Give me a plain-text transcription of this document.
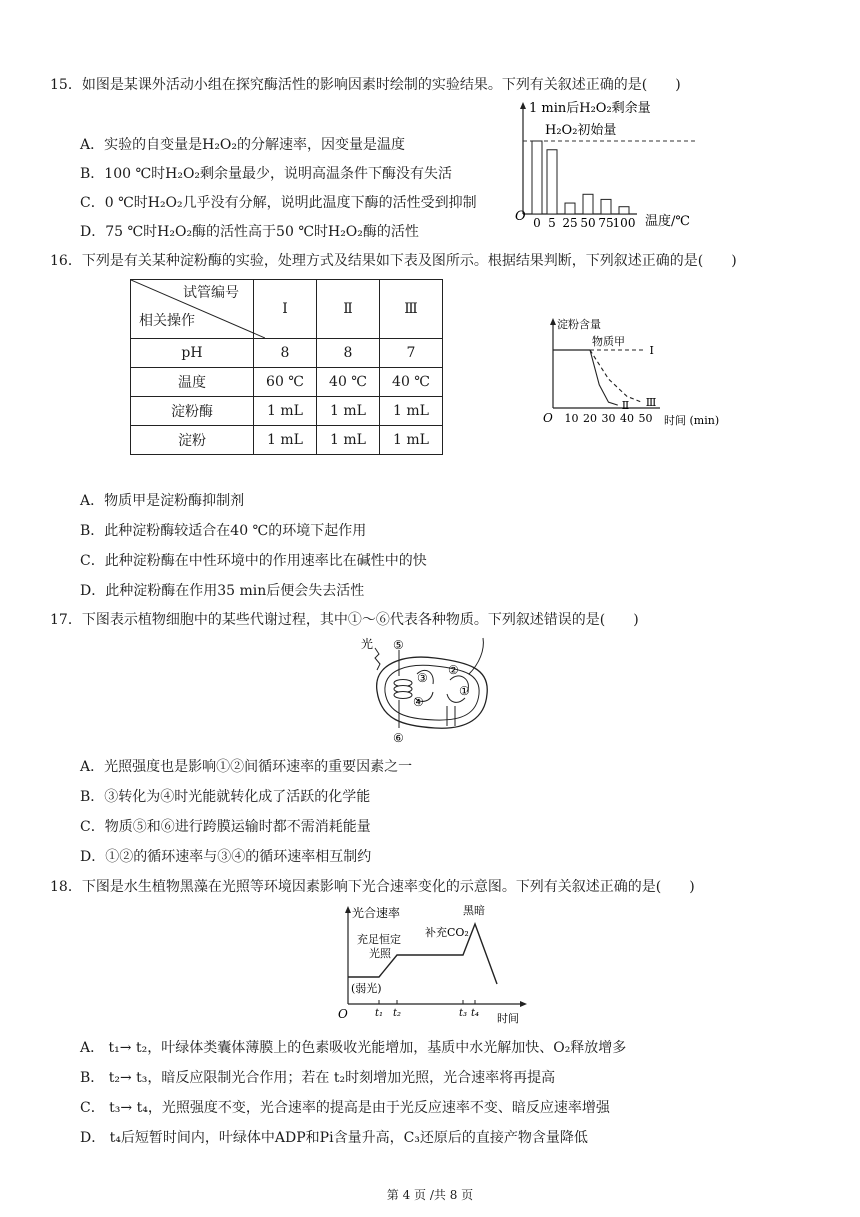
15．如图是某课外活动小组在探究酶活性的影响因素时绘制的实验结果。下列有关叙述正确的是(　　)
A．实验的自变量是H₂O₂的分解速率，因变量是温度
B．100 ℃时H₂O₂剩余量最少，说明高温条件下酶没有失活
C．0 ℃时H₂O₂几乎没有分解，说明此温度下酶的活性受到抑制
D．75 ℃时H₂O₂酶的活性高于50 ℃时H₂O₂酶的活性
1 min后H₂O₂剩余量
H₂O₂初始量
O	温度/℃
0 5 25 50 75
100
16．下列是有关某种淀粉酶的实验，处理方式及结果如下表及图所示。根据结果判断，下列叙述正确的是(　　)
试管编号
相关操作	Ⅰ	Ⅱ	Ⅲ
pH	8	8	7
温度	60 ℃	40 ℃	40 ℃
淀粉酶	1 mL	1 mL	1 mL
淀粉	1 mL	1 mL	1 mL
淀粉含量
物质甲
O	时间 (min)
Ⅰ
Ⅱ Ⅲ
10 20 30 40 50
A．物质甲是淀粉酶抑制剂
B．此种淀粉酶较适合在40 ℃的环境下起作用
C．此种淀粉酶在中性环境中的作用速率比在碱性中的快
D．此种淀粉酶在作用35 min后便会失去活性
17．下图表示植物细胞中的某些代谢过程，其中①～⑥代表各种物质。下列叙述错误的是(　　)
光 ⑤
③
②
④
①
⑥
A．光照强度也是影响①②间循环速率的重要因素之一
B．③转化为④时光能就转化成了活跃的化学能
C．物质⑤和⑥进行跨膜运输时都不需消耗能量
D．①②的循环速率与③④的循环速率相互制约
18．下图是水生植物黑藻在光照等环境因素影响下光合速率变化的示意图。下列有关叙述正确的是(　　)
光合速率
(弱光)
充足恒定
光照
补充CO₂
黑暗
O	时间
t₁ t₂	t₃ t₄
A． t₁→ t₂，叶绿体类囊体薄膜上的色素吸收光能增加，基质中水光解加快、O₂释放增多
B． t₂→ t₃，暗反应限制光合作用；若在 t₂时刻增加光照，光合速率将再提高
C． t₃→ t₄，光照强度不变，光合速率的提高是由于光反应速率不变、暗反应速率增强
D． t₄后短暂时间内，叶绿体中ADP和Pi含量升高，C₃还原后的直接产物含量降低
第 4 页 /共 8 页
